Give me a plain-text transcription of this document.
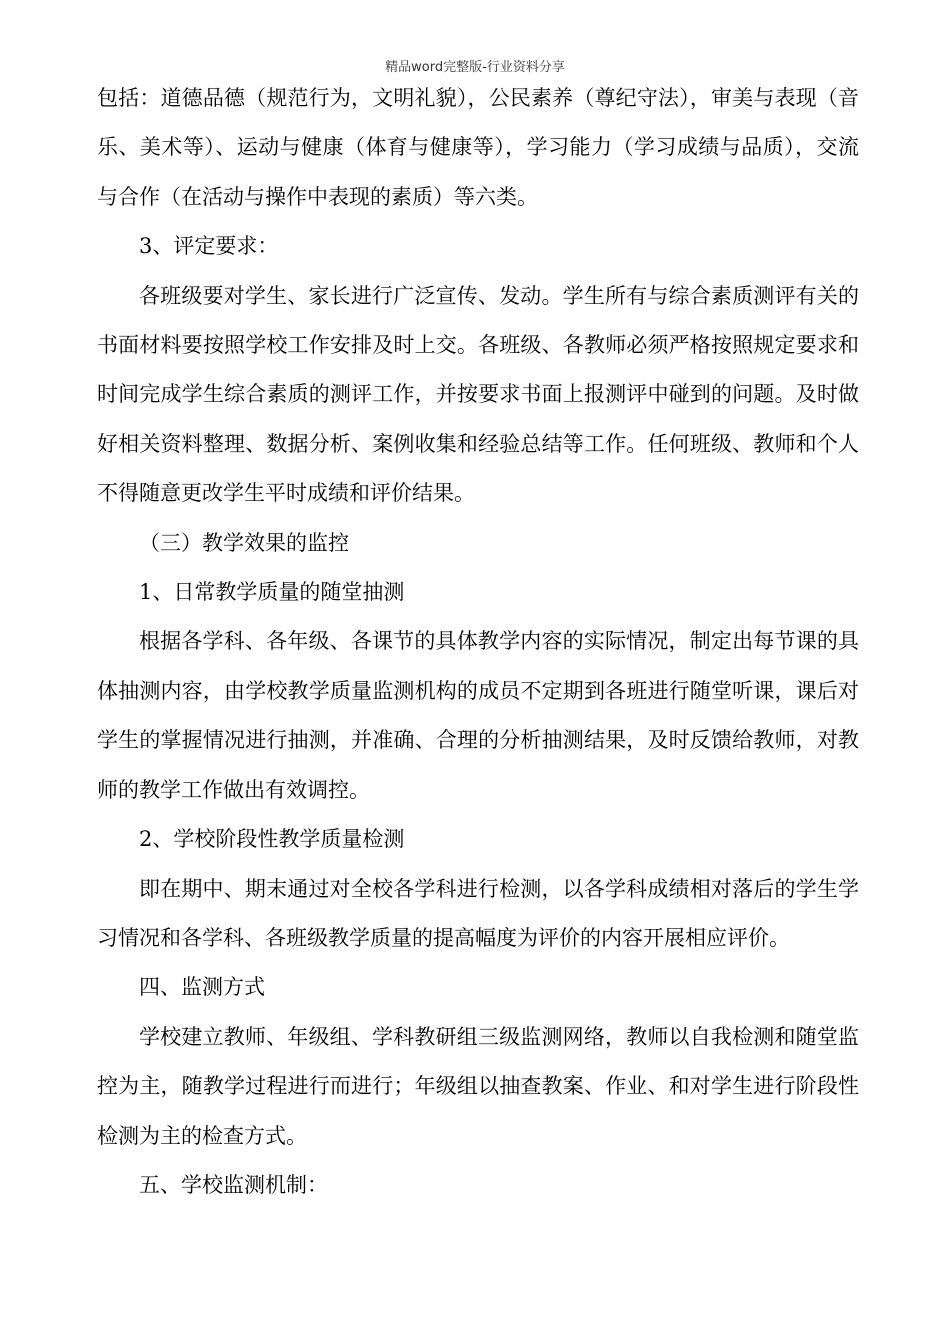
精品word完整版-行业资料分享

包括：道德品德（规范行为，文明礼貌），公民素养（尊纪守法），审美与表现（音乐、美术等）、运动与健康（体育与健康等），学习能力（学习成绩与品质），交流与合作（在活动与操作中表现的素质）等六类。

3、评定要求：

各班级要对学生、家长进行广泛宣传、发动。学生所有与综合素质测评有关的书面材料要按照学校工作安排及时上交。各班级、各教师必须严格按照规定要求和时间完成学生综合素质的测评工作，并按要求书面上报测评中碰到的问题。及时做好相关资料整理、数据分析、案例收集和经验总结等工作。任何班级、教师和个人不得随意更改学生平时成绩和评价结果。

（三）教学效果的监控

1、日常教学质量的随堂抽测

根据各学科、各年级、各课节的具体教学内容的实际情况，制定出每节课的具体抽测内容，由学校教学质量监测机构的成员不定期到各班进行随堂听课，课后对学生的掌握情况进行抽测，并准确、合理的分析抽测结果，及时反馈给教师，对教师的教学工作做出有效调控。

2、学校阶段性教学质量检测

即在期中、期末通过对全校各学科进行检测，以各学科成绩相对落后的学生学习情况和各学科、各班级教学质量的提高幅度为评价的内容开展相应评价。

四、监测方式

学校建立教师、年级组、学科教研组三级监测网络，教师以自我检测和随堂监控为主，随教学过程进行而进行；年级组以抽查教案、作业、和对学生进行阶段性检测为主的检查方式。

五、学校监测机制：
